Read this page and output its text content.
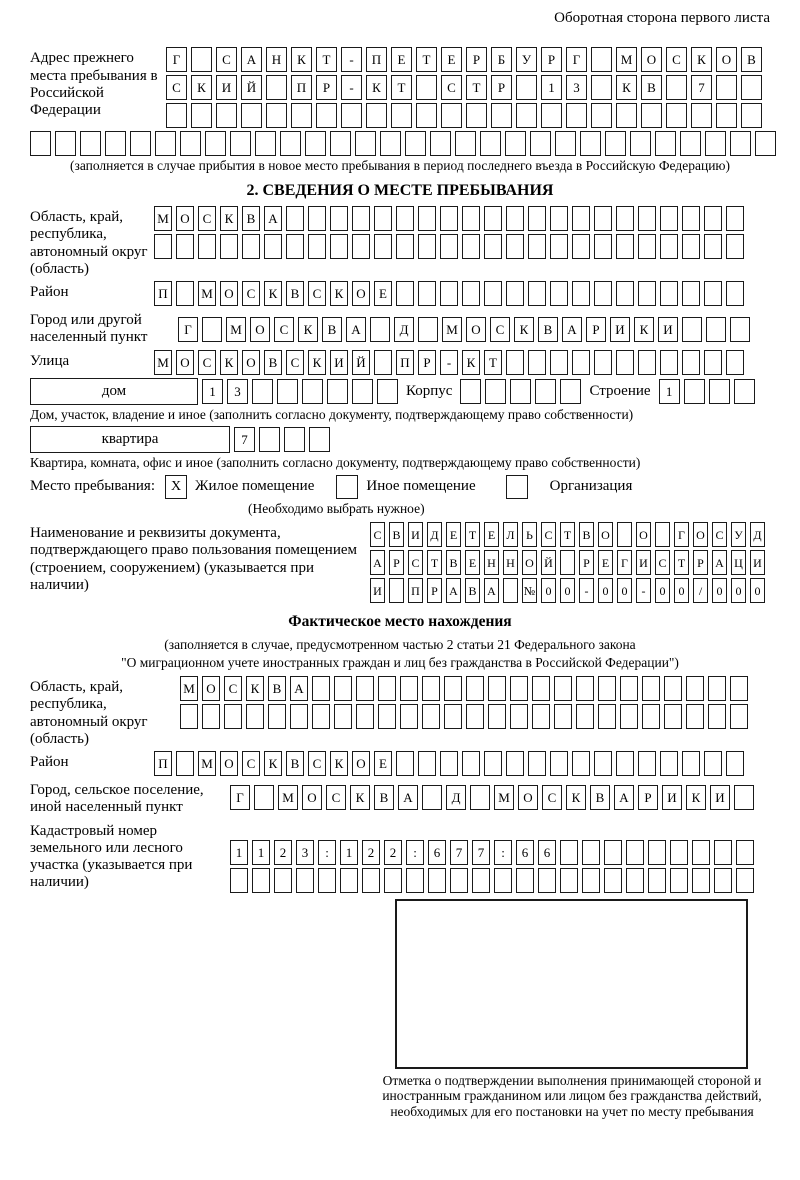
Оборотная сторона первого листа
Адрес прежнего места пребывания в Российской Федерации
Г	С	А	Н	К	Т	-	П	Е	Т	Е	Р	Б	У	Р	Г	М	О	С	К	О	В
С	К	И	Й	П	Р	-	К	Т	С	Т	Р	1	3	К	В	7
(заполняется в случае прибытия в новое место пребывания в период последнего въезда в Российскую Федерацию)
2. СВЕДЕНИЯ О МЕСТЕ ПРЕБЫВАНИЯ
Область, край, республика, автономный округ (область)
М О С	К	В А
Район	П	М О С	К	В	С	К О	Е
Город или другой населенный пункт	Г	М	О	С	К	В	А	Д	М	О	С	К	В	А	Р	И	К	И
Улица	М О С	К О В	С	К И Й	П	Р	-	К	Т
дом	1	3	Корпус	Строение	1
Дом, участок, владение и иное (заполнить согласно документу, подтверждающему право собственности)
квартира	7
Квартира, комната, офис и иное (заполнить согласно документу, подтверждающему право собственности)
Место пребывания:	X Жилое помещение	Иное помещение	Организация
(Необходимо выбрать нужное)
Наименование и реквизиты документа, подтверждающего право пользования помещением (строением, сооружением) (указывается при наличии)
С В И Д Е Т Е Л Ь С Т В О О	Г О С У Д
А Р С Т В Е Н Н О Й	Р Е Г И С Т Р А Ц И
И П Р А В А № 0	0	-	0	0	-	0	0	/	0	0	0
Фактическое место нахождения
(заполняется в случае, предусмотренном частью 2 статьи 21 Федерального закона
"О миграционном учете иностранных граждан и лиц без гражданства в Российской Федерации")
Область, край, республика, автономный округ (область)
М О С	К	В А
Район	П	М О С	К	В	С	К О	Е
Город, сельское поселение, иной населенный пункт
Г	М	О	С	К	В	А	Д	М	О	С	К	В	А	Р	И	К	И
Кадастровый номер земельного или лесного участка (указывается при наличии)
1	1	2	3	:	1	2	2	:	6	7	7	:	6	6
Отметка о подтверждении выполнения принимающей стороной и иностранным гражданином или лицом без гражданства действий, необходимых для его постановки на учет по месту пребывания
